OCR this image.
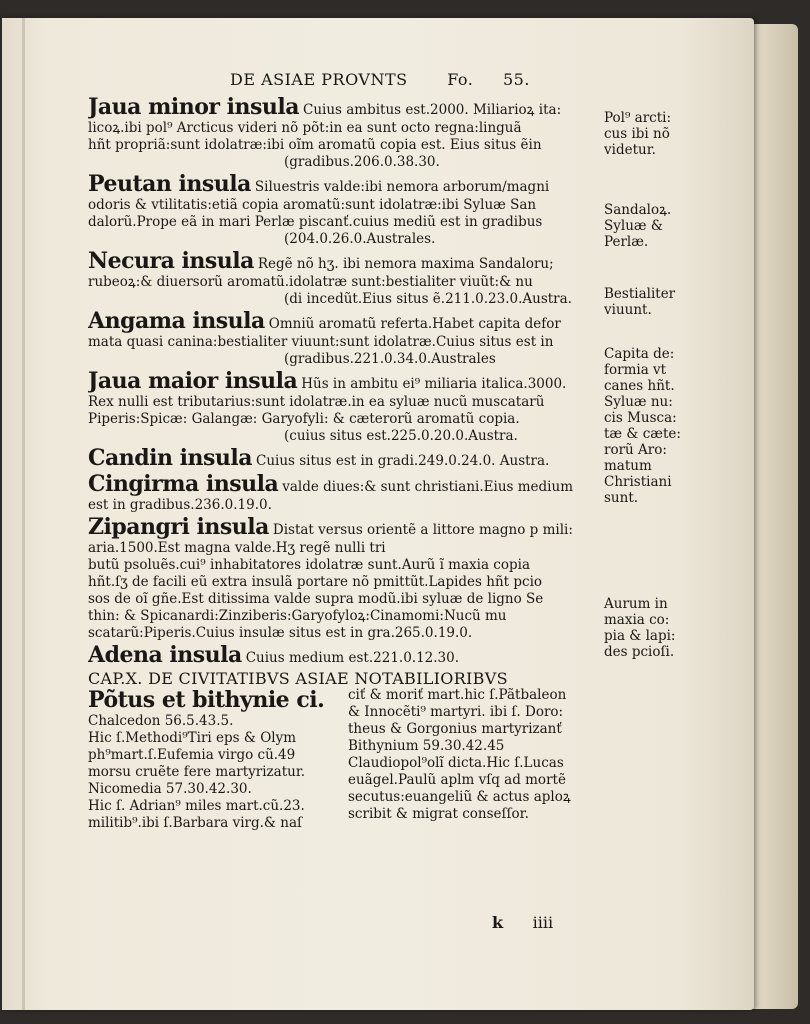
DE ASIAE PROVNTS Fo. 55.
Jaua minor insula Cuius ambitus est.2000. Miliarioꝝ ita:
licoꝝ.ibi pol⁹ Arcticus videri nõ põt:in ea sunt octo regna:linguã
hñt propriã:sunt idolatræ:ibi oĩm aromatũ copia est. Eius situs ẽin
(gradibus.206.0.38.30.
Peutan insula Siluestris valde:ibi nemora arborum/magni
odoris & vtilitatis:etiã copia aromatũ:sunt idolatræ:ibi Syluæ San
dalorũ.Prope eã in mari Perlæ piscanť.cuius mediũ est in gradibus
(204.0.26.0.Australes.
Necura insula Regẽ nõ hʒ. ibi nemora maxima Sandaloru;
rubeoꝝ:& diuersorũ aromatũ.idolatræ sunt:bestialiter viuũt:& nu
(di incedũt.Eius situs ẽ.211.0.23.0.Austra.
Angama insula Omniũ aromatũ referta.Habet capita defor
mata quasi canina:bestialiter viuunt:sunt idolatræ.Cuius situs est in
(gradibus.221.0.34.0.Australes
Jaua maior insula Hũs in ambitu ei⁹ miliaria italica.3000.
Rex nulli est tributarius:sunt idolatræ.in ea syluæ nucũ muscatarũ
Piperis:Spicæ: Galangæ: Garyofyli: & cæterorũ aromatũ copia.
(cuius situs est.225.0.20.0.Austra.
Candin insula Cuius situs est in gradi.249.0.24.0. Austra.
Cingirma insula valde diues:& sunt christiani.Eius medium
est in gradibus.236.0.19.0.
Zipangri insula Distat versus orientẽ a littore magno p mili:
aria.1500.Est magna valde.Hʒ regẽ nulli tri
butũ psoluẽs.cui⁹ inhabitatores idolatræ sunt.Aurũ ĩ maxia copia
hñt.ſʒ de facili eũ extra insulã portare nõ pmittũt.Lapides hñt pcio
sos de oĩ gñe.Est ditissima valde supra modũ.ibi syluæ de ligno Se
thin: & Spicanardi:Zinziberis:Garyofyloꝝ:Cinamomi:Nucũ mu
scatarũ:Piperis.Cuius insulæ situs est in gra.265.0.19.0.
Adena insula Cuius medium est.221.0.12.30.
CAP.X. DE CIVITATIBVS ASIAE NOTABILIORIBVS
Põtus et bithynie ci.
Chalcedon 56.5.43.5.
Hic ſ.Methodi⁹Tiri eps & Olym
ph⁹mart.ſ.Eufemia virgo cũ.49
morsu cruẽte fere martyrizatur.
Nicomedia 57.30.42.30.
Hic ſ. Adrian⁹ miles mart.cũ.23.
militib⁹.ibi ſ.Barbara virg.& naſ
ciť & moriť mart.hic ſ.Pãtbaleon
& Innocẽti⁹ martyri. ibi ſ. Doro:
theus & Gorgonius martyrizanť
Bithynium 59.30.42.45
Claudiopol⁹olĩ dicta.Hic ſ.Lucas
euãgel.Paulũ aplm vſq ad mortẽ
secutus:euangeliũ & actus aploꝝ
scribit & migrat conseſſor.
Pol⁹ arcti:
cus ibi nõ
videtur.
Sandaloꝝ.
Syluæ &
Perlæ.
Bestialiter
viuunt.
Capita de:
formia vt
canes hñt.
Syluæ nu:
cis Musca:
tæ & cæte:
rorũ Aro:
matum
Christiani
sunt.
Aurum in
maxia co:
pia & lapi:
des pcioſi.
k iiii
